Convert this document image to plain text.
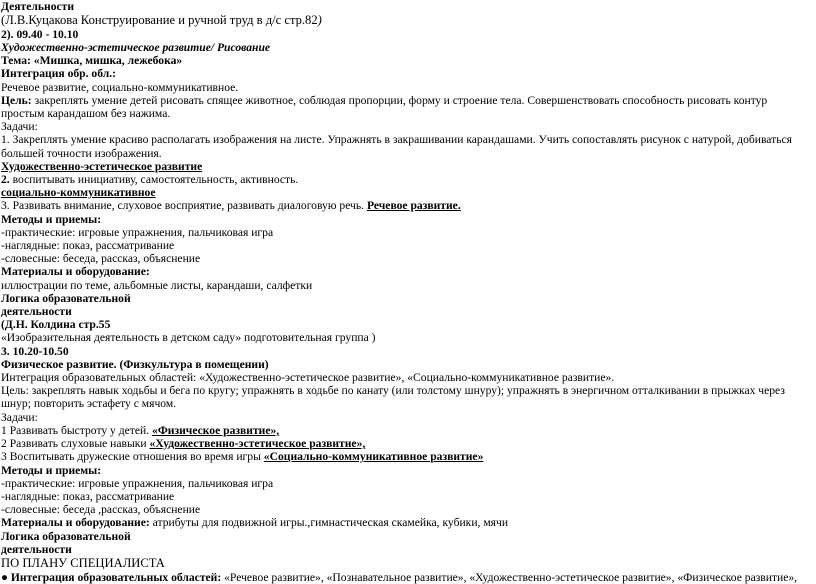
Деятельности
(Л.В.Куцакова Конструирование и ручной труд в д/с стр.82)
2). 09.40 - 10.10
Художественно-эстетическое развитие/ Рисование
Тема: «Мишка, мишка, лежебока»
Интеграция обр. обл.:
Речевое развитие, социально-коммуникативное.
Цель: закреплять умение детей рисовать спящее животное, соблюдая пропорции, форму и строение тела. Совершенствовать способность рисовать контур простым карандашом без нажима.
Задачи:
1. Закреплять умение красиво располагать изображения на листе. Упражнять в закрашивании карандашами. Учить сопоставлять рисунок с натурой, добиваться большей точности изображения.
Художественно-эстетическое развитие
2. воспитывать инициативу, самостоятельность, активность.
социально-коммуникативное
3. Развивать внимание, слуховое восприятие, развивать диалоговую речь. Речевое развитие.
Методы и приемы:
-практические: игровые упражнения, пальчиковая игра
-наглядные: показ, рассматривание
-словесные: беседа, рассказ, объяснение
Материалы и оборудование:
иллюстрации по теме, альбомные листы, карандаши, салфетки
Логика образовательной
деятельности
(Д.Н. Колдина стр.55
«Изобразительная деятельность в детском саду» подготовительная группа )
3. 10.20-10.50
Физическое развитие. (Физкультура в помещении)
Интеграция образовательных областей: «Художественно-эстетическое развитие», «Социально-коммуникативное развитие».
Цель: закреплять навык ходьбы и бега по кругу; упражнять в ходьбе по канату (или толстому шнуру); упражнять в энергичном отталкивании в прыжках через шнур; повторить эстафету с мячом.
Задачи:
1 Развивать быстроту у детей. «Физическое развитие»,
2 Развивать слуховые навыки «Художественно-эстетическое развитие»,
3 Воспитывать дружеские отношения во время игры «Социально-коммуникативное развитие»
Методы и приемы:
-практические: игровые упражнения, пальчиковая игра
-наглядные: показ, рассматривание
-словесные: беседа ,рассказ, объяснение
Материалы и оборудование: атрибуты для подвижной игры.,гимнастическая скамейка, кубики, мячи
Логика образовательной
деятельности
ПО ПЛАНУ СПЕЦИАЛИСТА
● Интеграция образовательных областей: «Речевое развитие», «Познавательное развитие», «Художественно-эстетическое развитие», «Физическое развитие»,
